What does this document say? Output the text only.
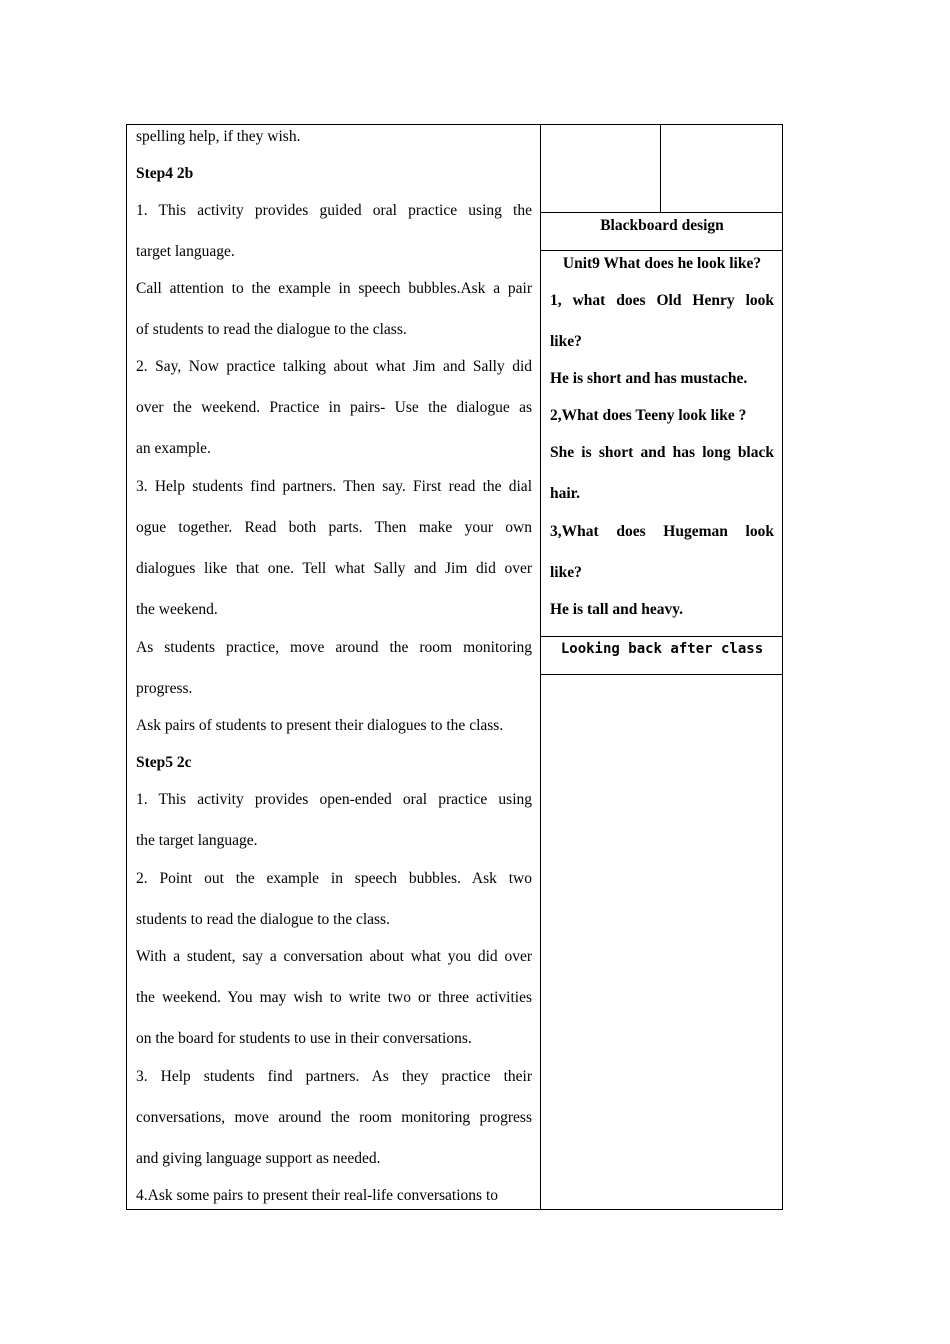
spelling help, if they wish.

Step4 2b

1. This activity provides guided oral practice using the

target language.

Call attention to the example in speech bubbles.Ask a pair

of students to read the dialogue to the class.

2. Say, Now practice talking about what Jim and Sally did

over the weekend. Practice in pairs- Use the dialogue as

an example.

3. Help students find partners. Then say. First read the dial

ogue together. Read both parts. Then make your own

dialogues like that one. Tell what Sally and Jim did over

the weekend.

As students practice, move around the room monitoring

progress.

Ask pairs of students to present their dialogues to the class.

Step5 2c

1. This activity provides open-ended oral practice using

the target language.

2. Point out the example in speech bubbles. Ask two

students to read the dialogue to the class.

With a student, say a conversation about what you did over

the weekend. You may wish to write two or three activities

on the board for students to use in their conversations.

3. Help students find partners. As they practice their

conversations, move around the room monitoring progress

and giving language support as needed.

4.Ask some pairs to present their real-life conversations to

Blackboard design

Unit9 What does he look like?

1, what does Old Henry look

like?

He is short and has mustache.

2,What does Teeny look like ?

She is short and has long black

hair.

3,What does Hugeman look

like?

He is tall and heavy.

Looking back after class
